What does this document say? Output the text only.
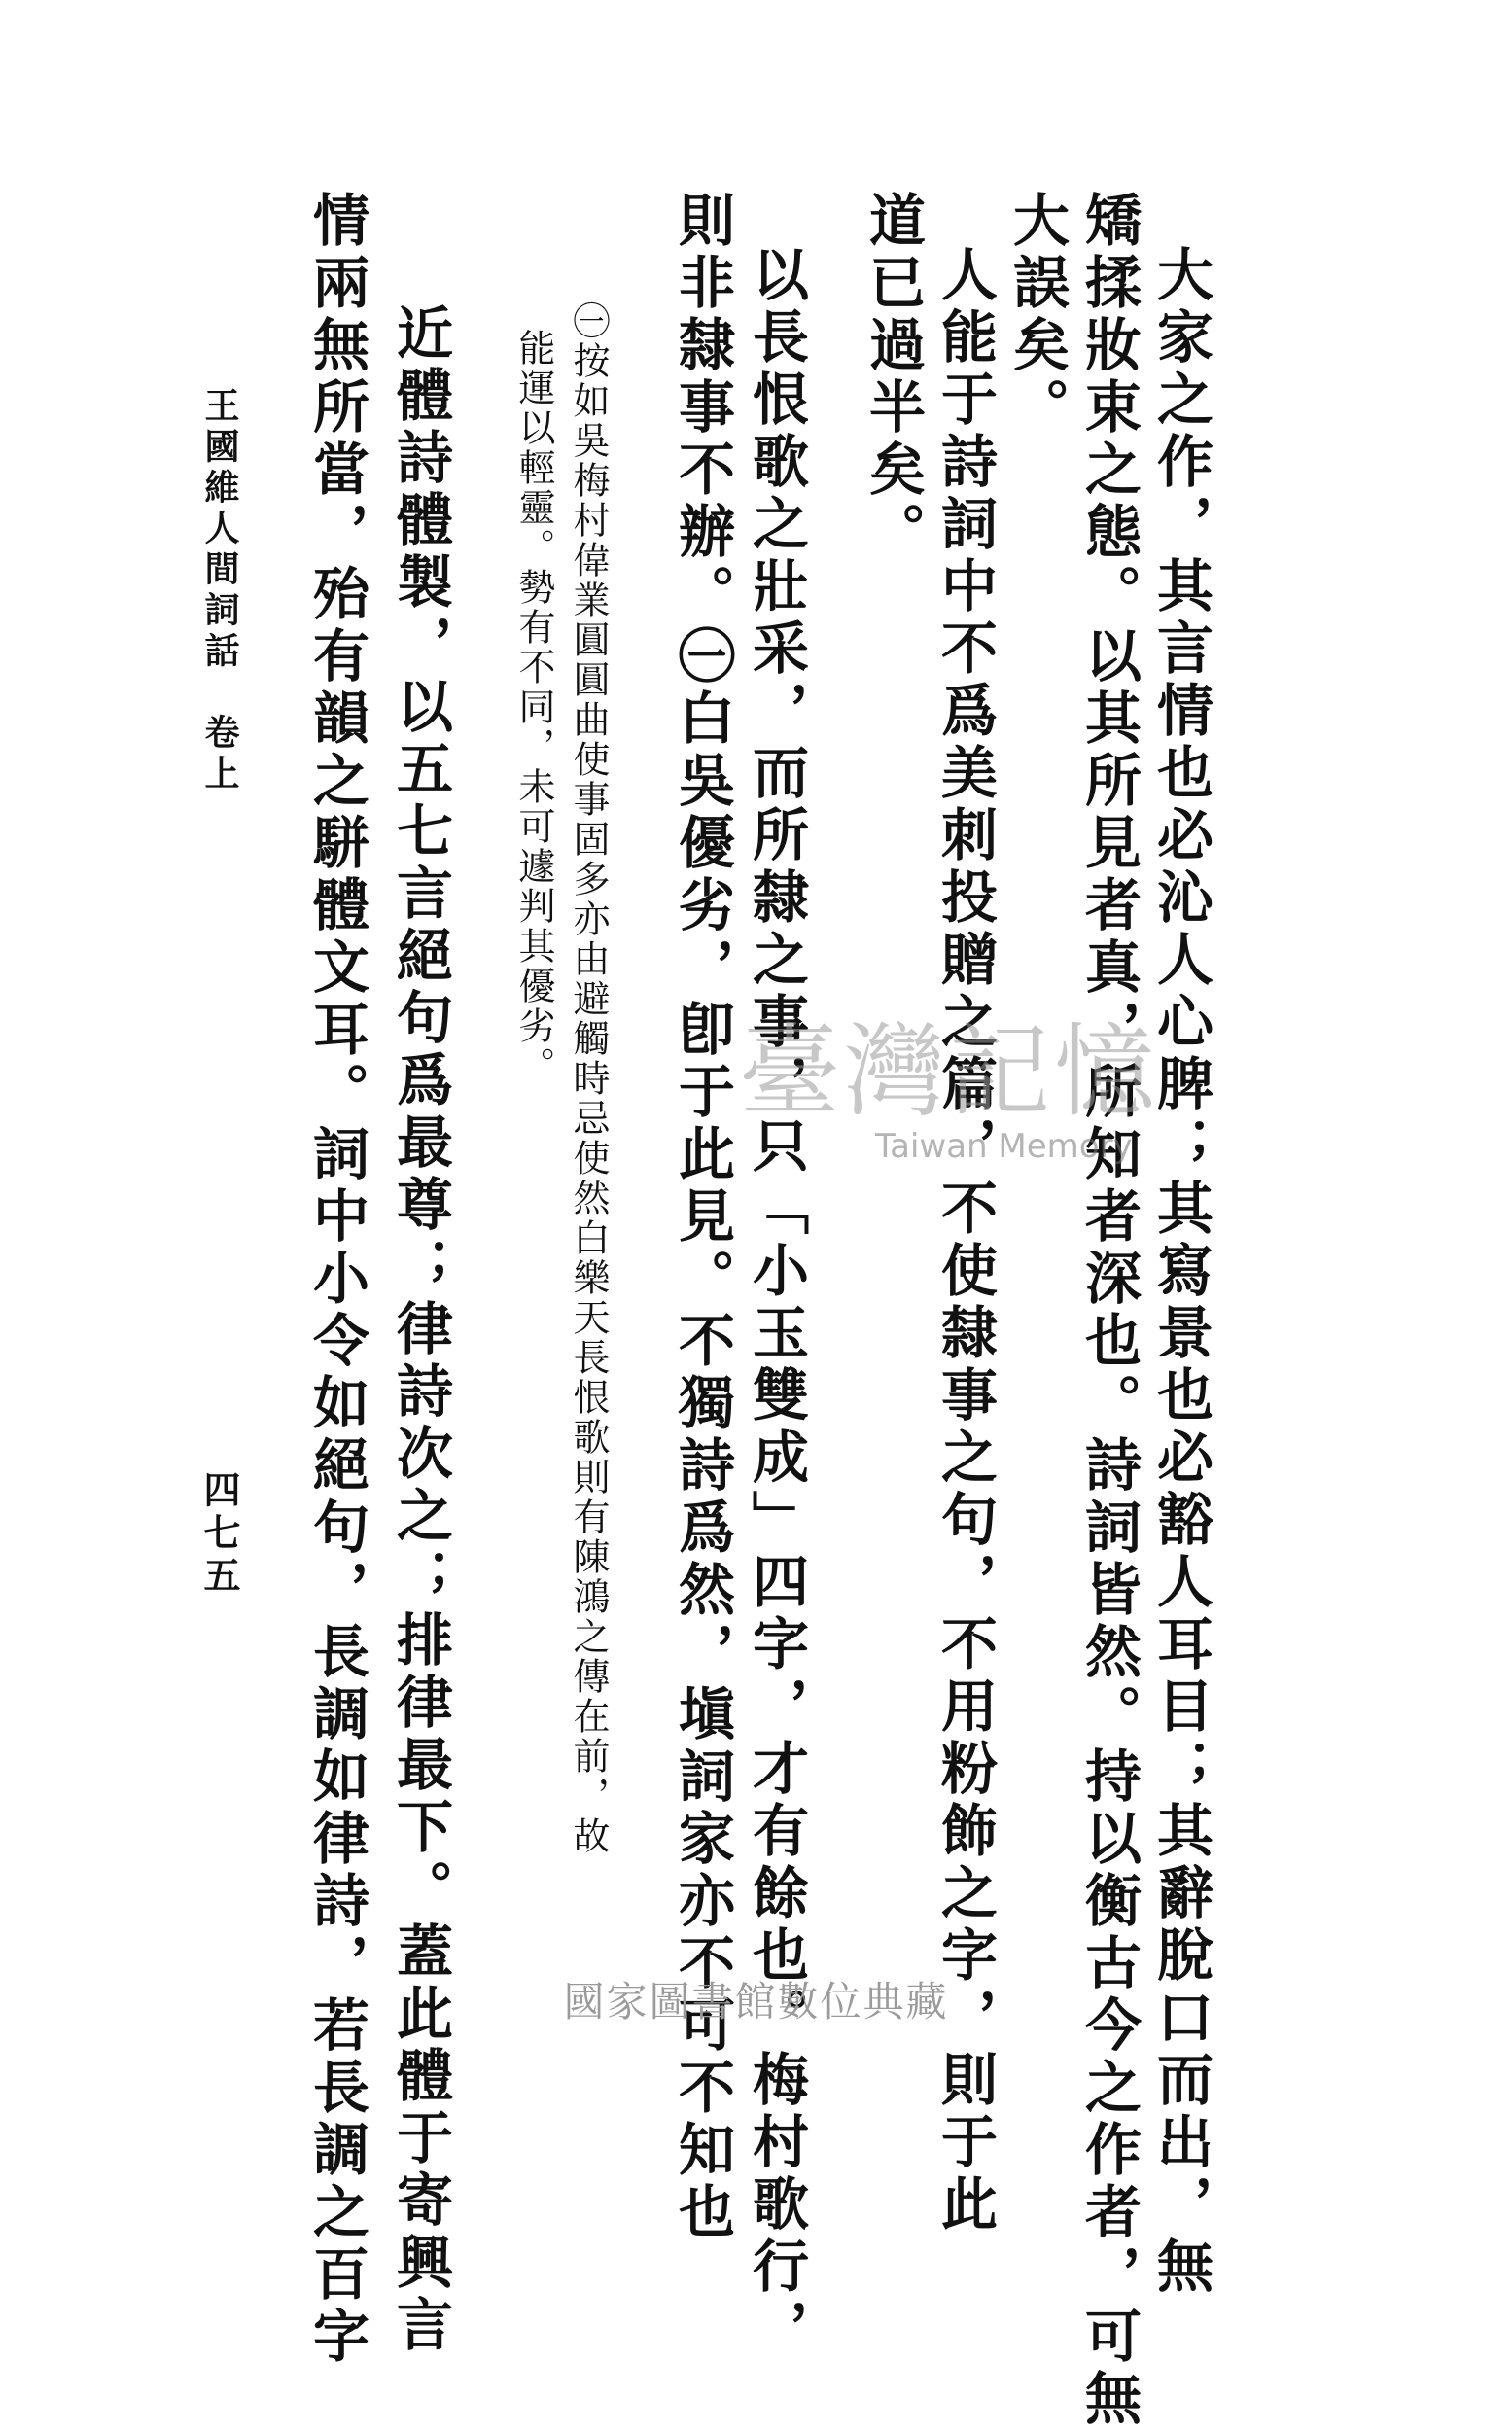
大家之作，其言情也必沁人心脾；其寫景也必豁人耳目；其辭脫口而出，無
矯揉妝束之態。以其所見者真，所知者深也。詩詞皆然。持以衡古今之作者，可無
大誤矣。
人能于詩詞中不爲美刺投贈之篇，不使隸事之句，不用粉飾之字，則于此
道已過半矣。
以長恨歌之壯采，而所隸之事，只「小玉雙成」四字，才有餘也。梅村歌行，
則非隸事不辦。㊀白吳優劣，卽于此見。不獨詩爲然，塡詞家亦不可不知也
㊀按如吳梅村偉業圓圓曲使事固多亦由避觸時忌使然白樂天長恨歌則有陳鴻之傳在前，故
能運以輕靈。勢有不同，未可遽判其優劣。
近體詩體製，以五七言絕句爲最尊；律詩次之；排律最下。蓋此體于寄興言
情兩無所當，殆有韻之駢體文耳。詞中小令如絕句，長調如律詩，若長調之百字
王國維人間詞話　卷上
四七五
臺灣記憶
Taiwan Memory
國家圖書館數位典藏
